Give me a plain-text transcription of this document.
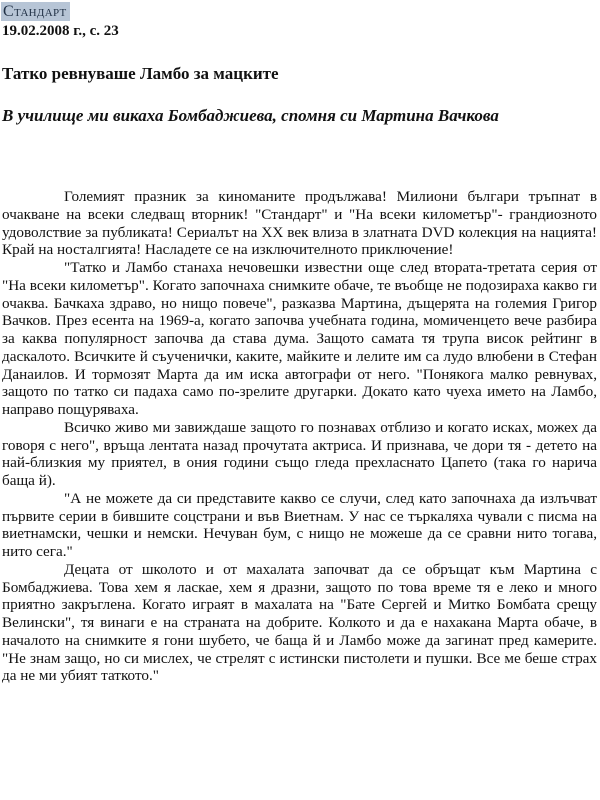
Стандарт
19.02.2008 г., с. 23
Татко ревнуваше Ламбо за мацките
В училище ми викаха Бомбаджиева, спомня си Мартина Вачкова

Големият празник за киноманите продължава! Милиони българи тръпнат в очакване на всеки следващ вторник! "Стандарт" и "На всеки километър"- грандиозното удоволствие за публиката! Сериалът на XX век влиза в златната DVD колекция на нацията! Край на носталгията! Насладете се на изключителното приключение!

"Татко и Ламбо станаха нечовешки известни още след втората-третата серия от "На всеки километър". Когато започнаха снимките обаче, те въобще не подозираха какво ги очаква. Бачкаха здраво, но нищо повече", разказва Мартина, дъщерята на големия Григор Вачков. През есента на 1969-а, когато започва учебната година, момиченцето вече разбира за каква популярност започва да става дума. Защото самата тя трупа висок рейтинг в даскалото. Всичките й съученички, каките, майките и лелите им са лудо влюбени в Стефан Данаилов. И тормозят Марта да им иска автографи от него. "Понякога малко ревнувах, защото по татко си падаха само по-зрелите другарки. Докато като чуеха името на Ламбо, направо пощуряваха.

Всичко живо ми завиждаше защото го познавах отблизо и когато исках, можех да говоря с него", връща лентата назад прочутата актриса. И признава, че дори тя - детето на най-близкия му приятел, в ония години също гледа прехласнато Цапето (така го нарича баща й).

"А не можете да си представите какво се случи, след като започнаха да излъчват първите серии в бившите соцстрани и във Виетнам. У нас се търкаляха чували с писма на виетнамски, чешки и немски. Нечуван бум, с нищо не можеше да се сравни нито тогава, нито сега."

Децата от школото и от махалата започват да се обръщат към Мартина с Бомбаджиева. Това хем я ласкае, хем я дразни, защото по това време тя е леко и много приятно закръглена. Когато играят в махалата на "Бате Сергей и Митко Бомбата срещу Велински", тя винаги е на страната на добрите. Колкото и да е нахакана Марта обаче, в началото на снимките я гони шубето, че баща й и Ламбо може да загинат пред камерите. "Не знам защо, но си мислех, че стрелят с истински пистолети и пушки. Все ме беше страх да не ми убият таткото."
